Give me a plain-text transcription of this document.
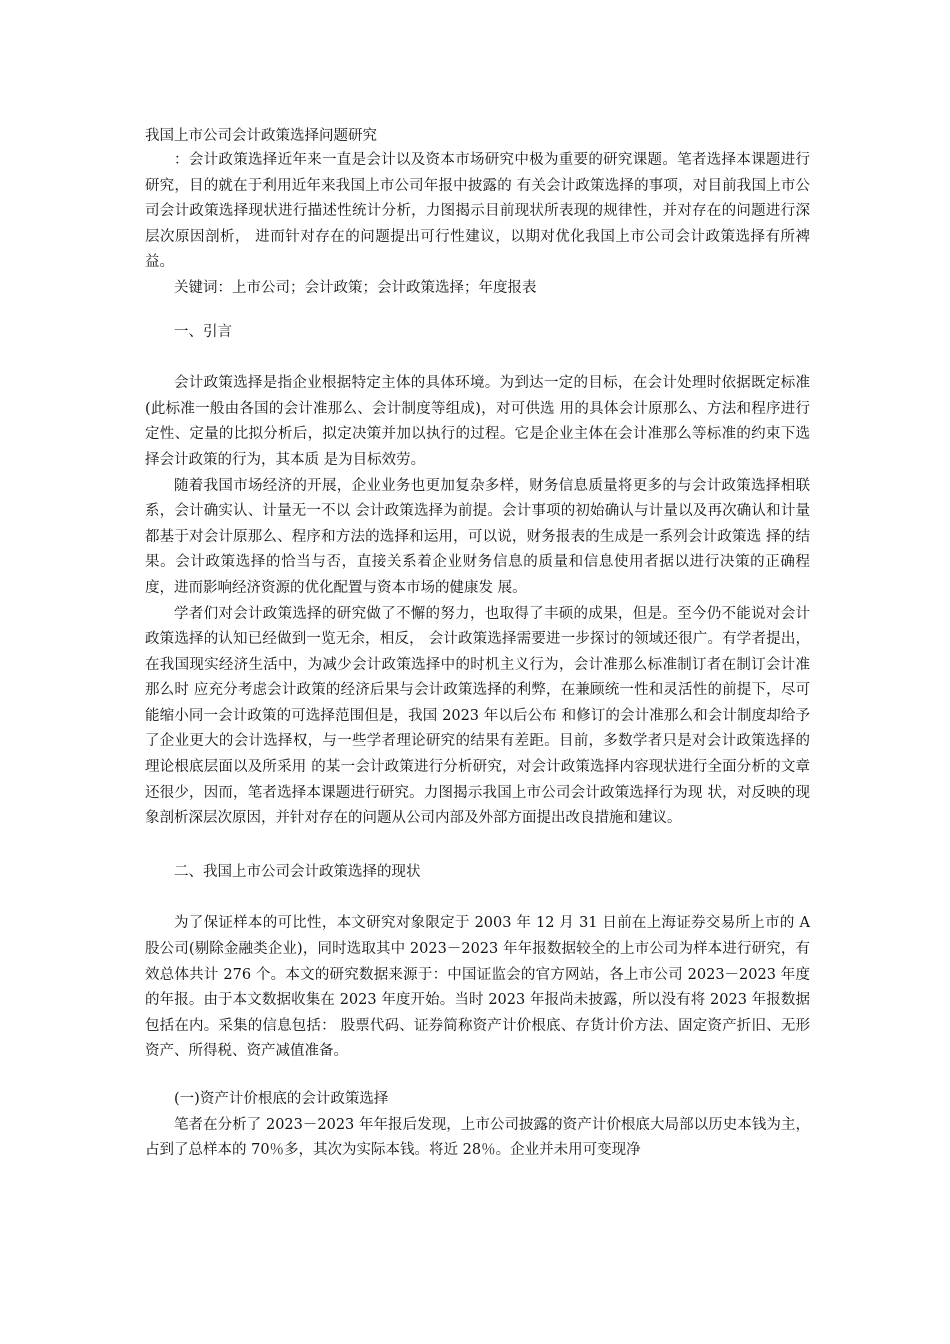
我国上市公司会计政策选择问题研究

：会计政策选择近年来一直是会计以及资本市场研究中极为重要的研究课题。笔者选择本课题进行研究，目的就在于利用近年来我国上市公司年报中披露的 有关会计政策选择的事项，对目前我国上市公司会计政策选择现状进行描述性统计分析，力图揭示目前现状所表现的规律性，并对存在的问题进行深层次原因剖析， 进而针对存在的问题提出可行性建议，以期对优化我国上市公司会计政策选择有所裨益。

关键词：上市公司；会计政策；会计政策选择；年度报表

一、引言

会计政策选择是指企业根据特定主体的具体环境。为到达一定的目标，在会计处理时依据既定标准(此标准一般由各国的会计准那么、会计制度等组成)，对可供选 用的具体会计原那么、方法和程序进行定性、定量的比拟分析后，拟定决策并加以执行的过程。它是企业主体在会计准那么等标准的约束下选择会计政策的行为，其本质 是为目标效劳。

随着我国市场经济的开展，企业业务也更加复杂多样，财务信息质量将更多的与会计政策选择相联系，会计确实认、计量无一不以 会计政策选择为前提。会计事项的初始确认与计量以及再次确认和计量都基于对会计原那么、程序和方法的选择和运用，可以说，财务报表的生成是一系列会计政策选 择的结果。会计政策选择的恰当与否，直接关系着企业财务信息的质量和信息使用者据以进行决策的正确程度，进而影响经济资源的优化配置与资本市场的健康发 展。

学者们对会计政策选择的研究做了不懈的努力，也取得了丰硕的成果，但是。至今仍不能说对会计政策选择的认知已经做到一览无余，相反， 会计政策选择需要进一步探讨的领域还很广。有学者提出，在我国现实经济生活中，为减少会计政策选择中的时机主义行为，会计准那么标准制订者在制订会计准那么时 应充分考虑会计政策的经济后果与会计政策选择的利弊，在兼顾统一性和灵活性的前提下，尽可能缩小同一会计政策的可选择范围但是，我国 2023 年以后公布 和修订的会计准那么和会计制度却给予了企业更大的会计选择权，与一些学者理论研究的结果有差距。目前，多数学者只是对会计政策选择的理论根底层面以及所采用 的某一会计政策进行分析研究，对会计政策选择内容现状进行全面分析的文章还很少，因而，笔者选择本课题进行研究。力图揭示我国上市公司会计政策选择行为现 状，对反映的现象剖析深层次原因，并针对存在的问题从公司内部及外部方面提出改良措施和建议。

二、我国上市公司会计政策选择的现状

为了保证样本的可比性，本文研究对象限定于 2003 年 12 月 31 日前在上海证券交易所上市的 A 股公司(剔除金融类企业)，同时选取其中 2023－2023 年年报数据较全的上市公司为样本进行研究，有效总体共计 276 个。本文的研究数据来源于：中国证监会的官方网站，各上市公司 2023－2023 年度的年报。由于本文数据收集在 2023 年度开始。当时 2023 年报尚未披露，所以没有将 2023 年报数据包括在内。采集的信息包括： 股票代码、证券简称资产计价根底、存货计价方法、固定资产折旧、无形资产、所得税、资产减值准备。

(一)资产计价根底的会计政策选择

笔者在分析了 2023－2023 年年报后发现，上市公司披露的资产计价根底大局部以历史本钱为主，占到了总样本的 70％多，其次为实际本钱。将近 28％。企业并未用可变现净
